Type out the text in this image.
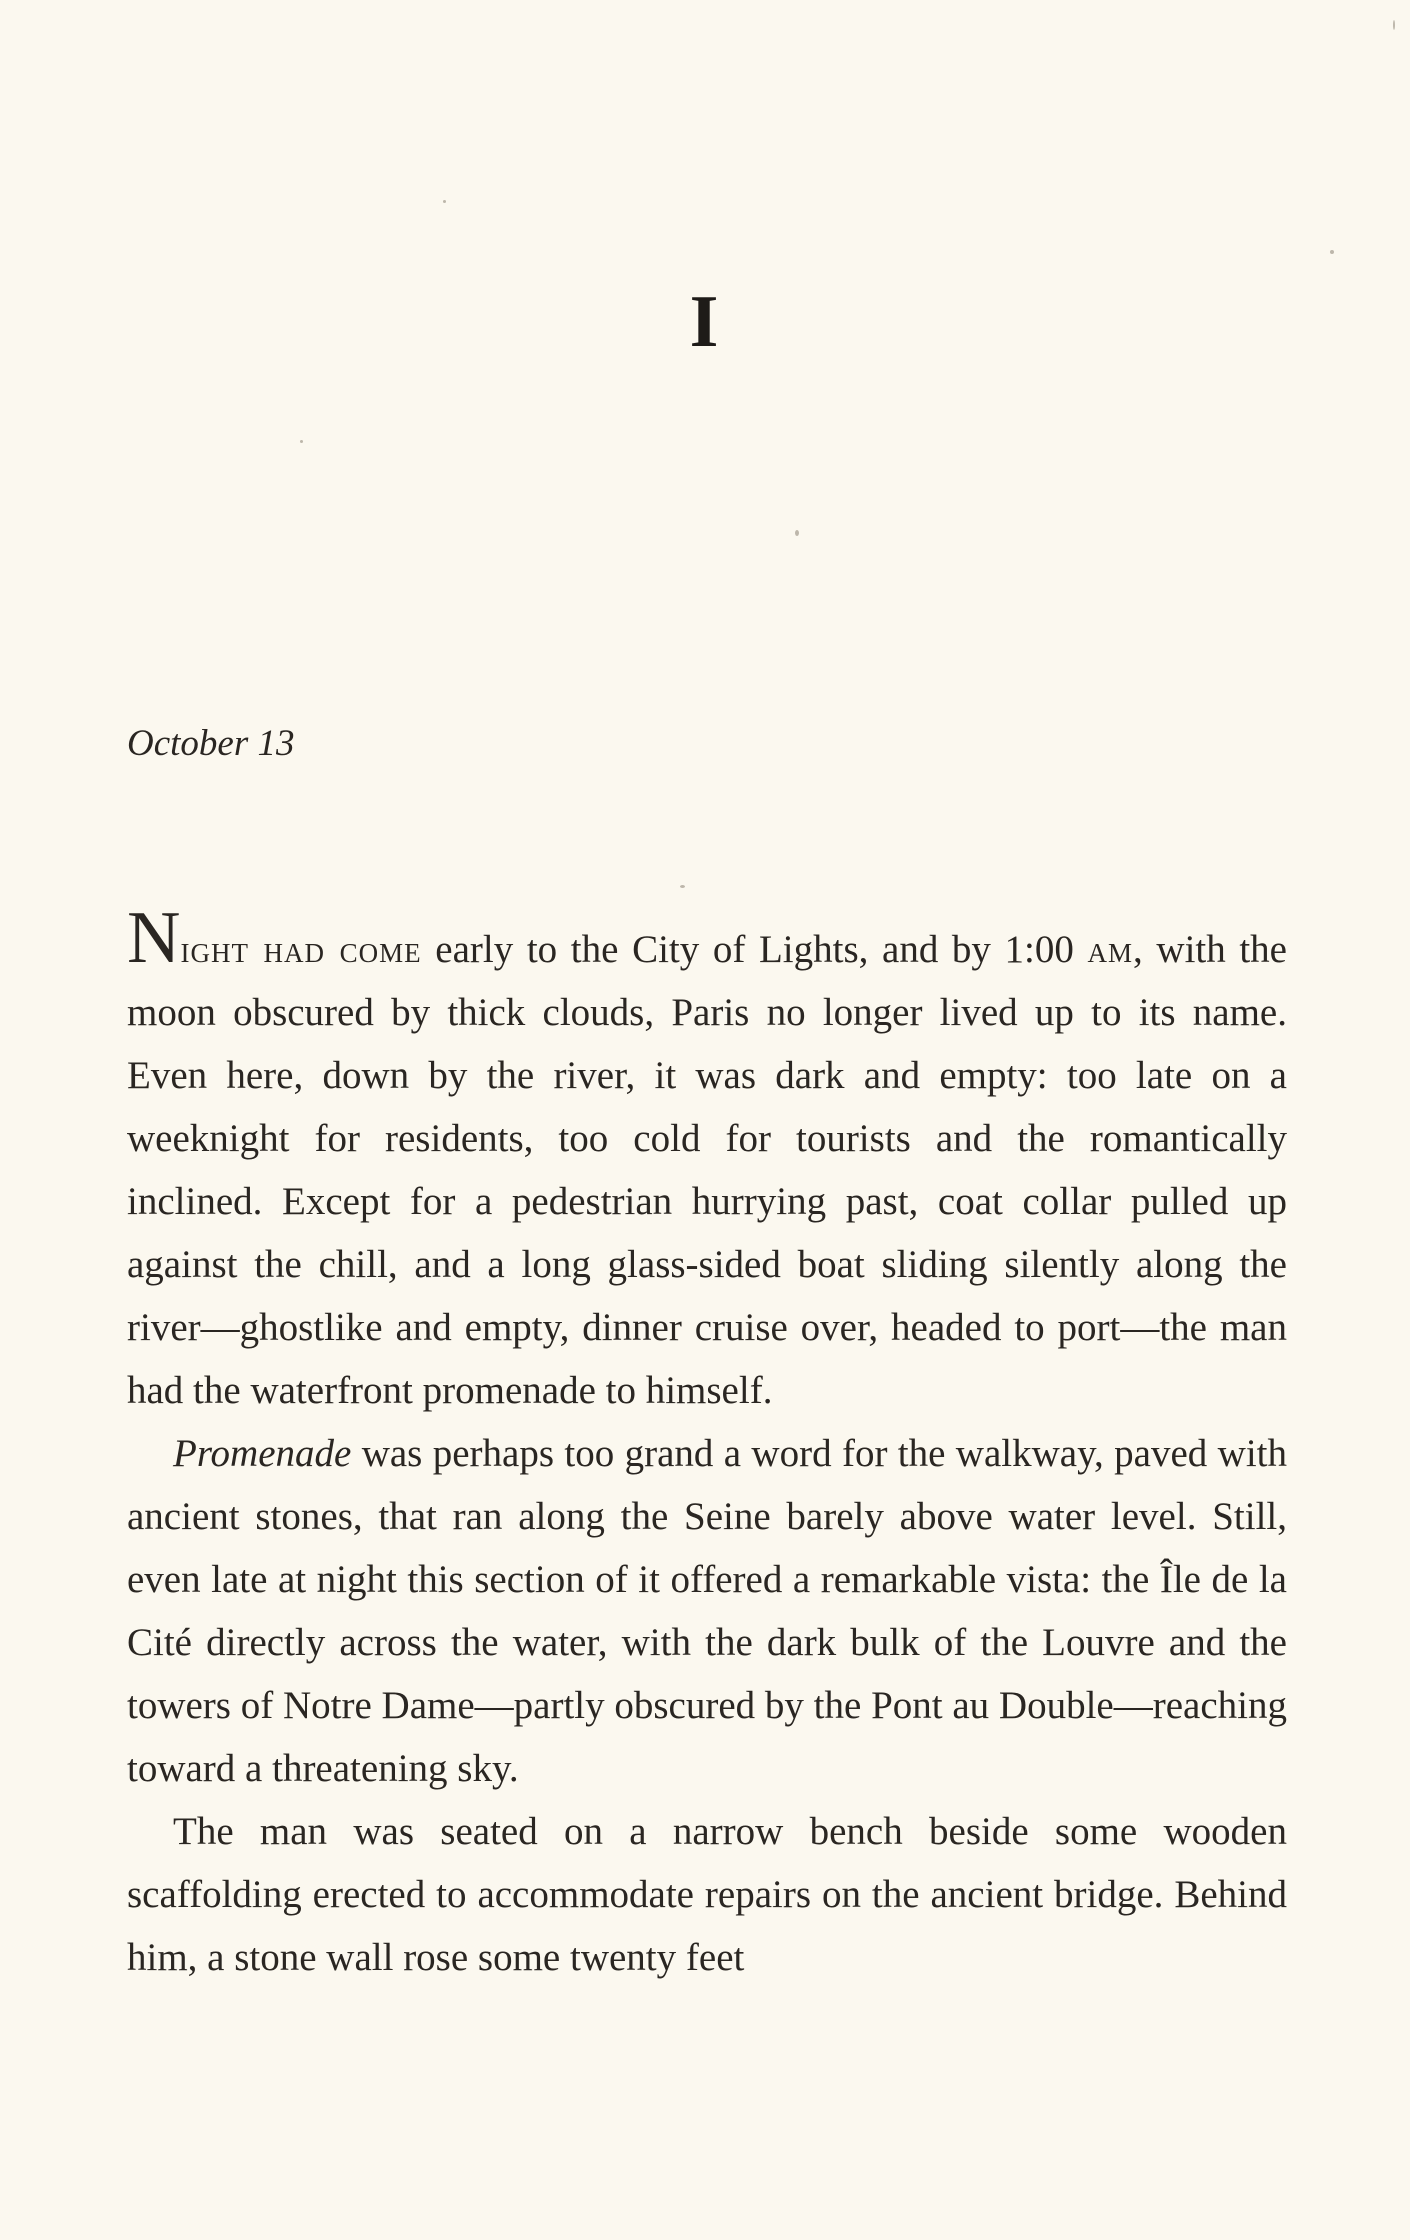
I
October 13

Night had come early to the City of Lights, and by 1:00 am, with the moon obscured by thick clouds, Paris no longer lived up to its name. Even here, down by the river, it was dark and empty: too late on a weeknight for residents, too cold for tourists and the romantically inclined. Except for a pedestrian hurrying past, coat collar pulled up against the chill, and a long glass-sided boat sliding silently along the river—ghostlike and empty, dinner cruise over, headed to port—the man had the waterfront promenade to himself.

Promenade was perhaps too grand a word for the walkway, paved with ancient stones, that ran along the Seine barely above water level. Still, even late at night this section of it offered a remarkable vista: the Île de la Cité directly across the water, with the dark bulk of the Louvre and the towers of Notre Dame—partly obscured by the Pont au Double—reaching toward a threatening sky.

The man was seated on a narrow bench beside some wooden scaffolding erected to accommodate repairs on the ancient bridge. Behind him, a stone wall rose some twenty feet
